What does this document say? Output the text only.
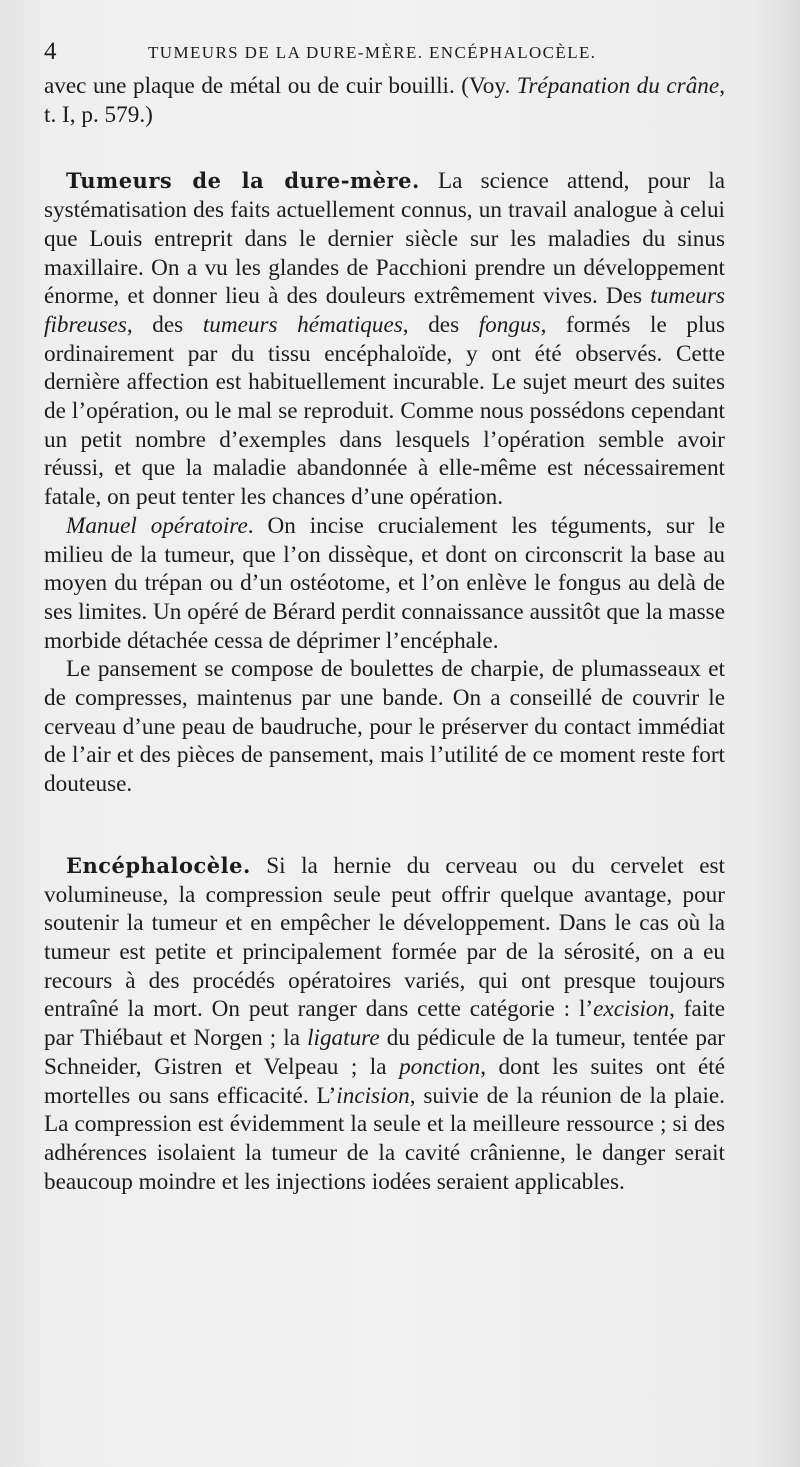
4	TUMEURS DE LA DURE-MÈRE. ENCÉPHALOCÈLE.

avec une plaque de métal ou de cuir bouilli. (Voy. Trépanation du crâne, t. I, p. 579.)

Tumeurs de la dure-mère. La science attend, pour la systématisation des faits actuellement connus, un travail analogue à celui que Louis entreprit dans le dernier siècle sur les maladies du sinus maxillaire. On a vu les glandes de Pacchioni prendre un développement énorme, et donner lieu à des douleurs extrêmement vives. Des tumeurs fibreuses, des tumeurs hématiques, des fongus, formés le plus ordinairement par du tissu encéphaloïde, y ont été observés. Cette dernière affection est habituellement incurable. Le sujet meurt des suites de l’opération, ou le mal se reproduit. Comme nous possédons cependant un petit nombre d’exemples dans lesquels l’opération semble avoir réussi, et que la maladie abandonnée à elle-même est nécessairement fatale, on peut tenter les chances d’une opération.

Manuel opératoire. On incise crucialement les téguments, sur le milieu de la tumeur, que l’on dissèque, et dont on circonscrit la base au moyen du trépan ou d’un ostéotome, et l’on enlève le fongus au delà de ses limites. Un opéré de Bérard perdit connaissance aussitôt que la masse morbide détachée cessa de déprimer l’encéphale.

Le pansement se compose de boulettes de charpie, de plumasseaux et de compresses, maintenus par une bande. On a conseillé de couvrir le cerveau d’une peau de baudruche, pour le préserver du contact immédiat de l’air et des pièces de pansement, mais l’utilité de ce moment reste fort douteuse.

Encéphalocèle. Si la hernie du cerveau ou du cervelet est volumineuse, la compression seule peut offrir quelque avantage, pour soutenir la tumeur et en empêcher le développement. Dans le cas où la tumeur est petite et principalement formée par de la sérosité, on a eu recours à des procédés opératoires variés, qui ont presque toujours entraîné la mort. On peut ranger dans cette catégorie : l’excision, faite par Thiébaut et Norgen ; la ligature du pédicule de la tumeur, tentée par Schneider, Gistren et Velpeau ; la ponction, dont les suites ont été mortelles ou sans efficacité. L’incision, suivie de la réunion de la plaie. La compression est évidemment la seule et la meilleure ressource ; si des adhérences isolaient la tumeur de la cavité crânienne, le danger serait beaucoup moindre et les injections iodées seraient applicables.
